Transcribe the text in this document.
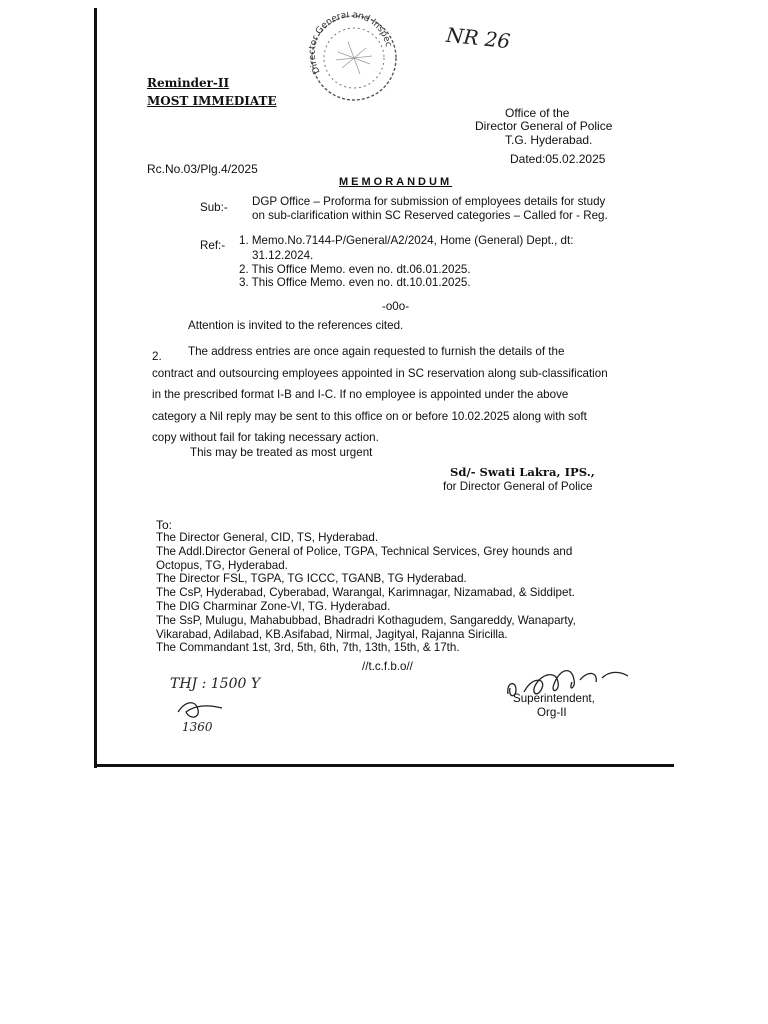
Director General and Inspec	NR 26
Reminder-II
MOST IMMEDIATE
Office of the
Director General of Police
T.G. Hyderabad.
Dated:05.02.2025
Rc.No.03/Plg.4/2025
MEMORANDUM
Sub:- DGP Office – Proforma for submission of employees details for study
on sub-clarification within SC Reserved categories – Called for - Reg.
Ref:- 1. Memo.No.7144-P/General/A2/2024, Home (General) Dept., dt:
31.12.2024.
2. This Office Memo. even no. dt.06.01.2025.
3. This Office Memo. even no. dt.10.01.2025.
-o0o-
Attention is invited to the references cited.
2.	The address entries are once again requested to furnish the details of the
contract and outsourcing employees appointed in SC reservation along sub-classification
in the prescribed format I-B and I-C. If no employee is appointed under the above
category a Nil reply may be sent to this office on or before 10.02.2025 along with soft
copy without fail for taking necessary action.
This may be treated as most urgent
Sd/- Swati Lakra, IPS.,
for Director General of Police
To:
The Director General, CID, TS, Hyderabad.
The Addl.Director General of Police, TGPA, Technical Services, Grey hounds and
Octopus, TG, Hyderabad.
The Director FSL, TGPA, TG ICCC, TGANB, TG Hyderabad.
The CsP, Hyderabad, Cyberabad, Warangal, Karimnagar, Nizamabad, & Siddipet.
The DIG Charminar Zone-VI, TG. Hyderabad.
The SsP, Mulugu, Mahabubbad, Bhadradri Kothagudem, Sangareddy, Wanaparty,
Vikarabad, Adilabad, KB.Asifabad, Nirmal, Jagityal, Rajanna Siricilla.
The Commandant 1st, 3rd, 5th, 6th, 7th, 13th, 15th, & 17th.
//t.c.f.b.o//
THJ : 1500 Y
1360
Superintendent,
Org-II
